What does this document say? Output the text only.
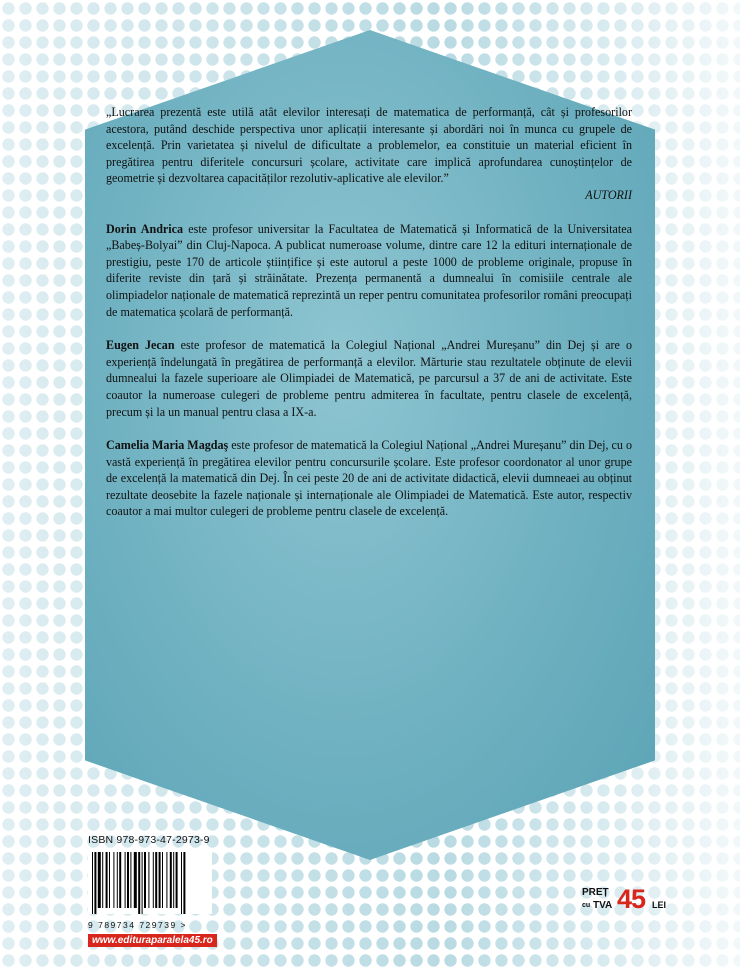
„Lucrarea prezentă este utilă atât elevilor interesați de matematica de performanță, cât și profesorilor acestora, putând deschide perspectiva unor aplicații interesante și abordări noi în munca cu grupele de excelență. Prin varietatea și nivelul de dificultate a problemelor, ea constituie un material eficient în pregătirea pentru diferitele concursuri școlare, activitate care implică aprofundarea cunoștințelor de geometrie și dezvoltarea capacităților rezolutiv-aplicative ale elevilor.”

AUTORII

Dorin Andrica este profesor universitar la Facultatea de Matematică și Informatică de la Universitatea „Babeș-Bolyai” din Cluj-Napoca. A publicat numeroase volume, dintre care 12 la edituri internaționale de prestigiu, peste 170 de articole științifice și este autorul a peste 1000 de probleme originale, propuse în diferite reviste din țară și străinătate. Prezența permanentă a dumnealui în comisiile centrale ale olimpiadelor naționale de matematică reprezintă un reper pentru comunitatea profesorilor români preocupați de matematica școlară de performanță.

Eugen Jecan este profesor de matematică la Colegiul Național „Andrei Mureșanu” din Dej și are o experiență îndelungată în pregătirea de performanță a elevilor. Mărturie stau rezultatele obținute de elevii dumnealui la fazele superioare ale Olimpiadei de Matematică, pe parcursul a 37 de ani de activitate. Este coautor la numeroase culegeri de probleme pentru admiterea în facultate, pentru clasele de excelență, precum și la un manual pentru clasa a IX-a.

Camelia Maria Magdaş este profesor de matematică la Colegiul Național „Andrei Mureșanu” din Dej, cu o vastă experiență în pregătirea elevilor pentru concursurile școlare. Este profesor coordonator al unor grupe de excelență la matematică din Dej. În cei peste 20 de ani de activitate didactică, elevii dumneaei au obținut rezultate deosebite la fazele naționale și internaționale ale Olimpiadei de Matematică. Este autor, respectiv coautor a mai multor culegeri de probleme pentru clasele de excelență.

ISBN 978-973-47-2973-9
9 789734 729739 >
www.edituraparalela45.ro
PREȚ
cu TVA 45 LEI
